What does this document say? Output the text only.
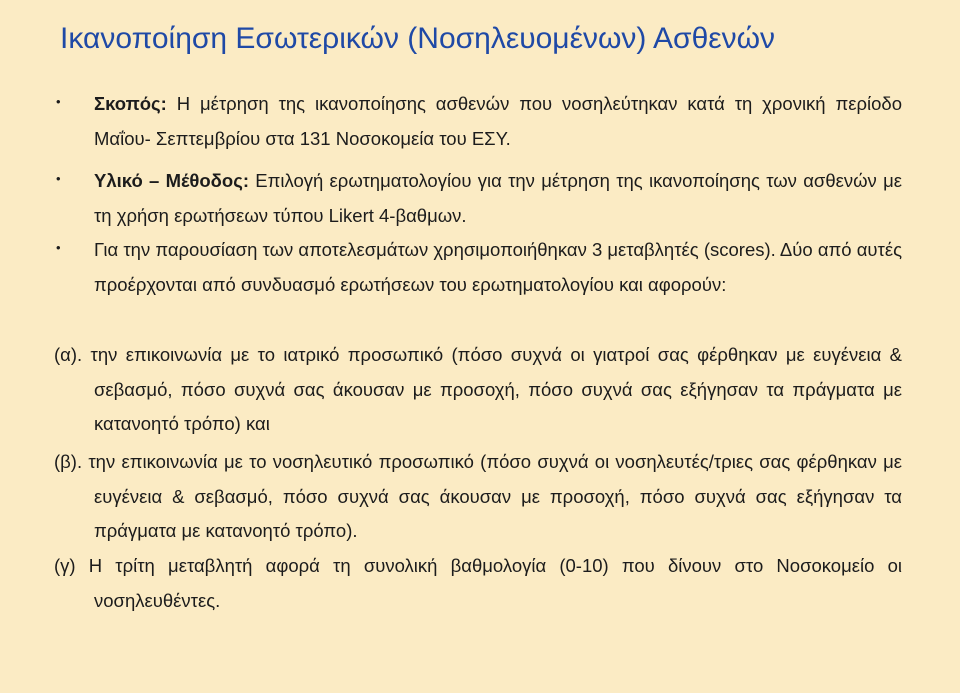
Ικανοποίηση Εσωτερικών (Νοσηλευομένων) Ασθενών
• Σκοπός: Η μέτρηση της ικανοποίησης ασθενών που νοσηλεύτηκαν κατά τη χρονική περίοδο Μαΐου- Σεπτεμβρίου στα 131 Νοσοκομεία του ΕΣΥ.
• Υλικό – Μέθοδος: Επιλογή ερωτηματολογίου για την μέτρηση της ικανοποίησης των ασθενών με τη χρήση ερωτήσεων τύπου Likert 4-βαθμων.
• Για την παρουσίαση των αποτελεσμάτων χρησιμοποιήθηκαν 3 μεταβλητές (scores). Δύο από αυτές προέρχονται από συνδυασμό ερωτήσεων του ερωτηματολογίου και αφορούν:
(α). την επικοινωνία με το ιατρικό προσωπικό (πόσο συχνά οι γιατροί σας φέρθηκαν με ευγένεια & σεβασμό, πόσο συχνά σας άκουσαν με προσοχή, πόσο συχνά σας εξήγησαν τα πράγματα με κατανοητό τρόπο) και
(β). την επικοινωνία με το νοσηλευτικό προσωπικό (πόσο συχνά οι νοσηλευτές/τριες σας φέρθηκαν με ευγένεια & σεβασμό, πόσο συχνά σας άκουσαν με προσοχή, πόσο συχνά σας εξήγησαν τα πράγματα με κατανοητό τρόπο).
(γ) Η τρίτη μεταβλητή αφορά τη συνολική βαθμολογία (0-10) που δίνουν στο Νοσοκομείο οι νοσηλευθέντες.
